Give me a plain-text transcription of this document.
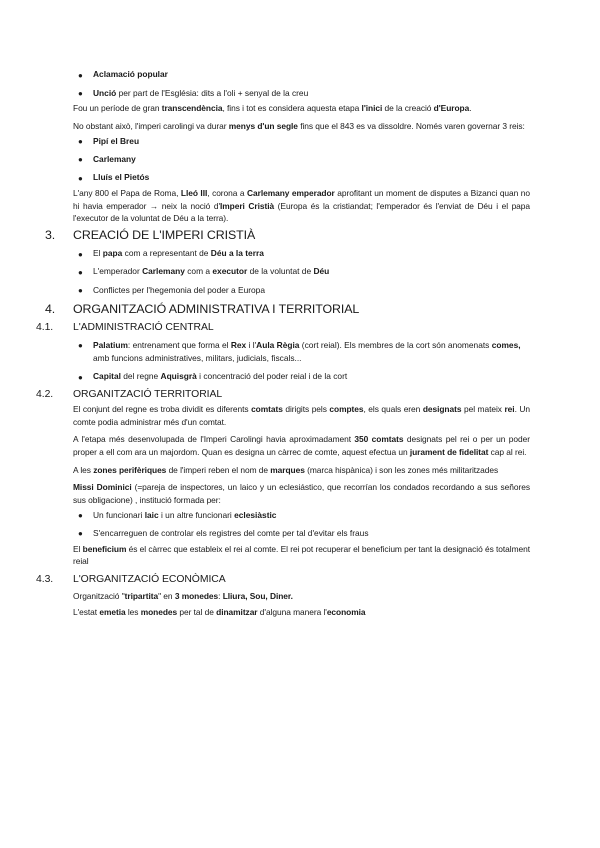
● Aclamació popular
● Unció per part de l'Església: dits a l'oli + senyal de la creu
Fou un període de gran transcendència, fins i tot es considera aquesta etapa l'inici de la creació d'Europa.
No obstant això, l'imperi carolingi va durar menys d'un segle fins que el 843 es va dissoldre. Només varen governar 3 reis:
● Pipí el Breu
● Carlemany
● Lluís el Pietós
L'any 800 el Papa de Roma, Lleó III, corona a Carlemany emperador aprofitant un moment de disputes a Bizanci quan no hi havia emperador → neix la noció d'Imperi Cristià (Europa és la cristiandat; l'emperador és l'enviat de Déu i el papa l'executor de la voluntat de Déu a la terra).
3. CREACIÓ DE L'IMPERI CRISTIÀ
● El papa com a representant de Déu a la terra
● L'emperador Carlemany com a executor de la voluntat de Déu
● Conflictes per l'hegemonia del poder a Europa
4. ORGANITZACIÓ ADMINISTRATIVA I TERRITORIAL
4.1. L'ADMINISTRACIÓ CENTRAL
● Palatium: entrenament que forma el Rex i l'Aula Règia (cort reial). Els membres de la cort són anomenats comes, amb funcions administratives, militars, judicials, fiscals...
● Capital del regne Aquisgrà i concentració del poder reial i de la cort
4.2. ORGANITZACIÓ TERRITORIAL
El conjunt del regne es troba dividit es diferents comtats dirigits pels comptes, els quals eren designats pel mateix rei. Un comte podia administrar més d'un comtat.
A l'etapa més desenvolupada de l'Imperi Carolingi havia aproximadament 350 comtats designats pel rei o per un poder proper a ell com ara un majordom. Quan es designa un càrrec de comte, aquest efectua un jurament de fidelitat cap al rei.
A les zones perifèriques de l'imperi reben el nom de marques (marca hispànica) i son les zones més militaritzades
Missi Dominici (=pareja de inspectores, un laico y un eclesiástico, que recorrían los condados recordando a sus señores sus obligacione) , institució formada per:
● Un funcionari laic i un altre funcionari eclesiàstic
● S'encarreguen de controlar els registres del comte per tal d'evitar els fraus
El beneficium és el càrrec que estableix el rei al comte. El rei pot recuperar el beneficium per tant la designació és totalment reial
4.3. L'ORGANITZACIÓ ECONÒMICA
Organització "tripartita" en 3 monedes: Lliura, Sou, Diner.
L'estat emetia les monedes per tal de dinamitzar d'alguna manera l'economia
